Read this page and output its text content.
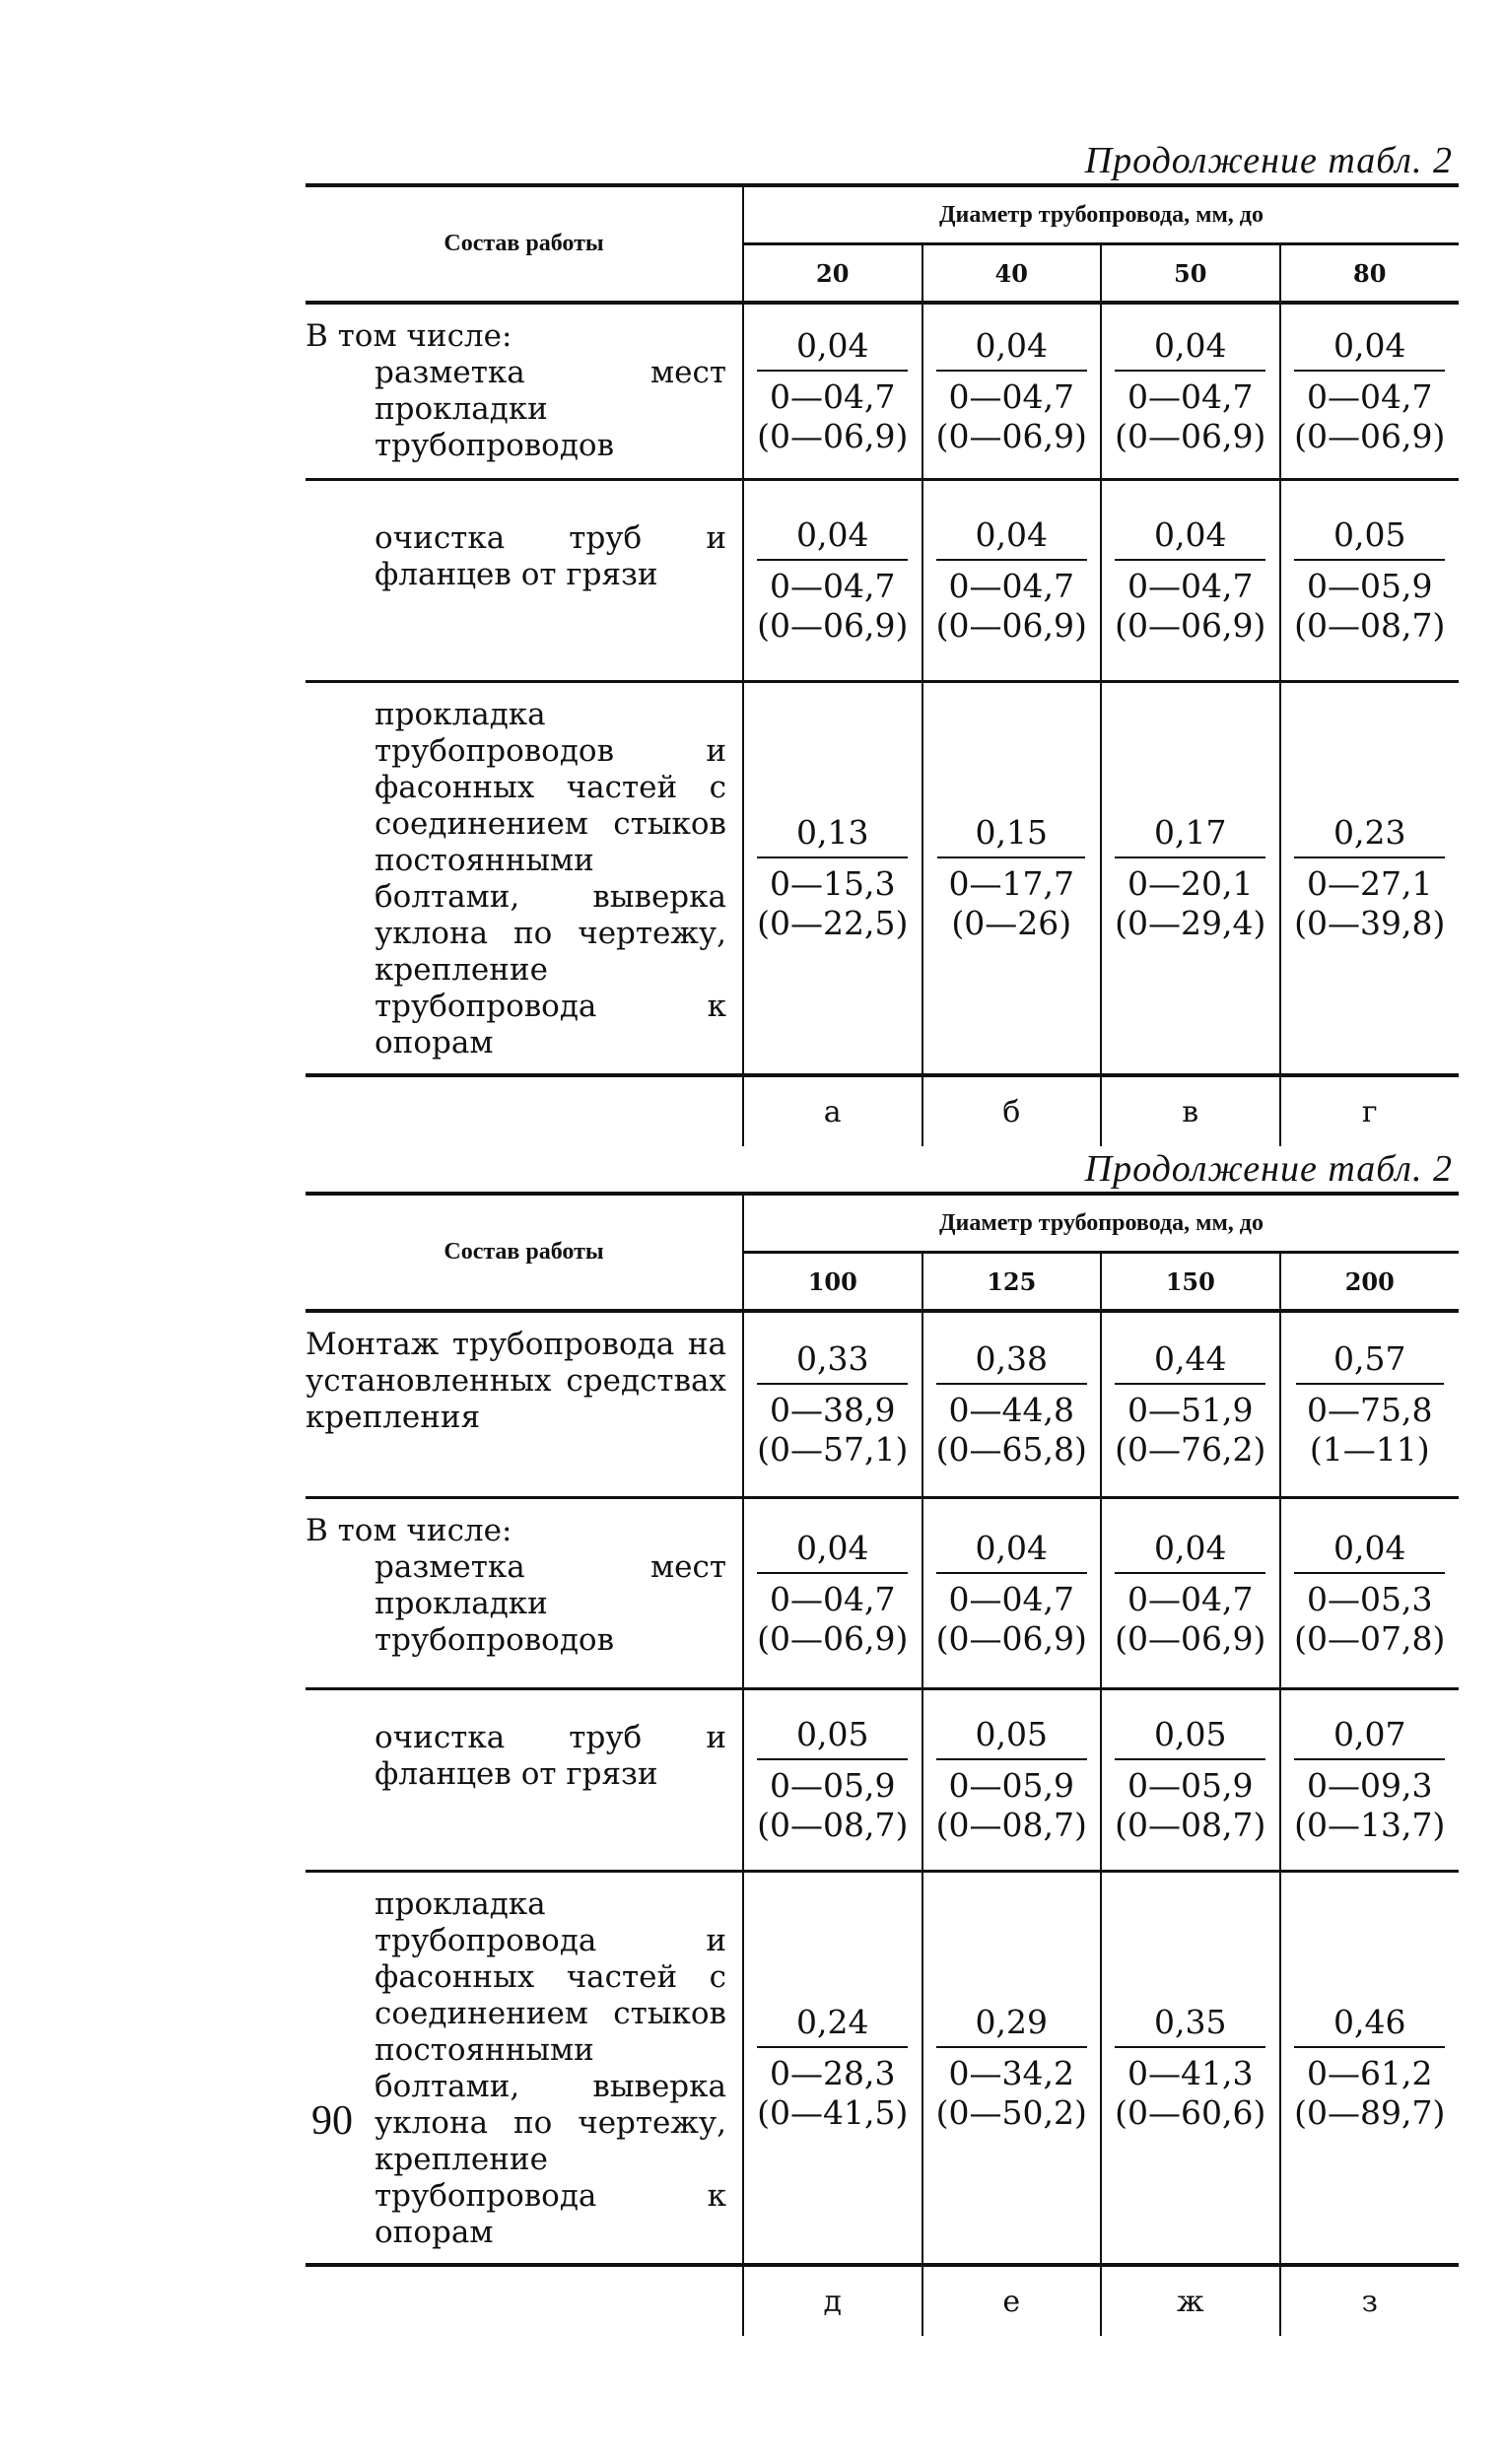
Продолжение табл. 2
Состав работы	Диаметр трубопровода, мм, до			
	20	40	50	80

В том числе:
разметка мест прокладки трубопроводов	0,04
0—04,7
(0—06,9)	0,04
0—04,7
(0—06,9)	0,04
0—04,7
(0—06,9)	0,04
0—04,7
(0—06,9)

очистка труб и фланцев от грязи	0,04
0—04,7
(0—06,9)	0,04
0—04,7
(0—06,9)	0,04
0—04,7
(0—06,9)	0,05
0—05,9
(0—08,7)

прокладка трубопроводов и фасонных частей с соединением стыков постоянными болтами, выверка уклона по чертежу, крепление трубопровода к опорам	0,13
0—15,3
(0—22,5)	0,15
0—17,7
(0—26)	0,17
0—20,1
(0—29,4)	0,23
0—27,1
(0—39,8)

	а	б	в	г
Продолжение табл. 2
Состав работы	Диаметр трубопровода, мм, до			
	100	125	150	200

Монтаж трубопровода на установленных средствах крепления	0,33
0—38,9
(0—57,1)	0,38
0—44,8
(0—65,8)	0,44
0—51,9
(0—76,2)	0,57
0—75,8
(1—11)

В том числе:
разметка мест прокладки трубопроводов	0,04
0—04,7
(0—06,9)	0,04
0—04,7
(0—06,9)	0,04
0—04,7
(0—06,9)	0,04
0—05,3
(0—07,8)

очистка труб и фланцев от грязи	0,05
0—05,9
(0—08,7)	0,05
0—05,9
(0—08,7)	0,05
0—05,9
(0—08,7)	0,07
0—09,3
(0—13,7)

прокладка трубопровода и фасонных частей с соединением стыков постоянными болтами, выверка уклона по чертежу, крепление трубопровода к опорам	0,24
0—28,3
(0—41,5)	0,29
0—34,2
(0—50,2)	0,35
0—41,3
(0—60,6)	0,46
0—61,2
(0—89,7)

	д	е	ж	з
90
